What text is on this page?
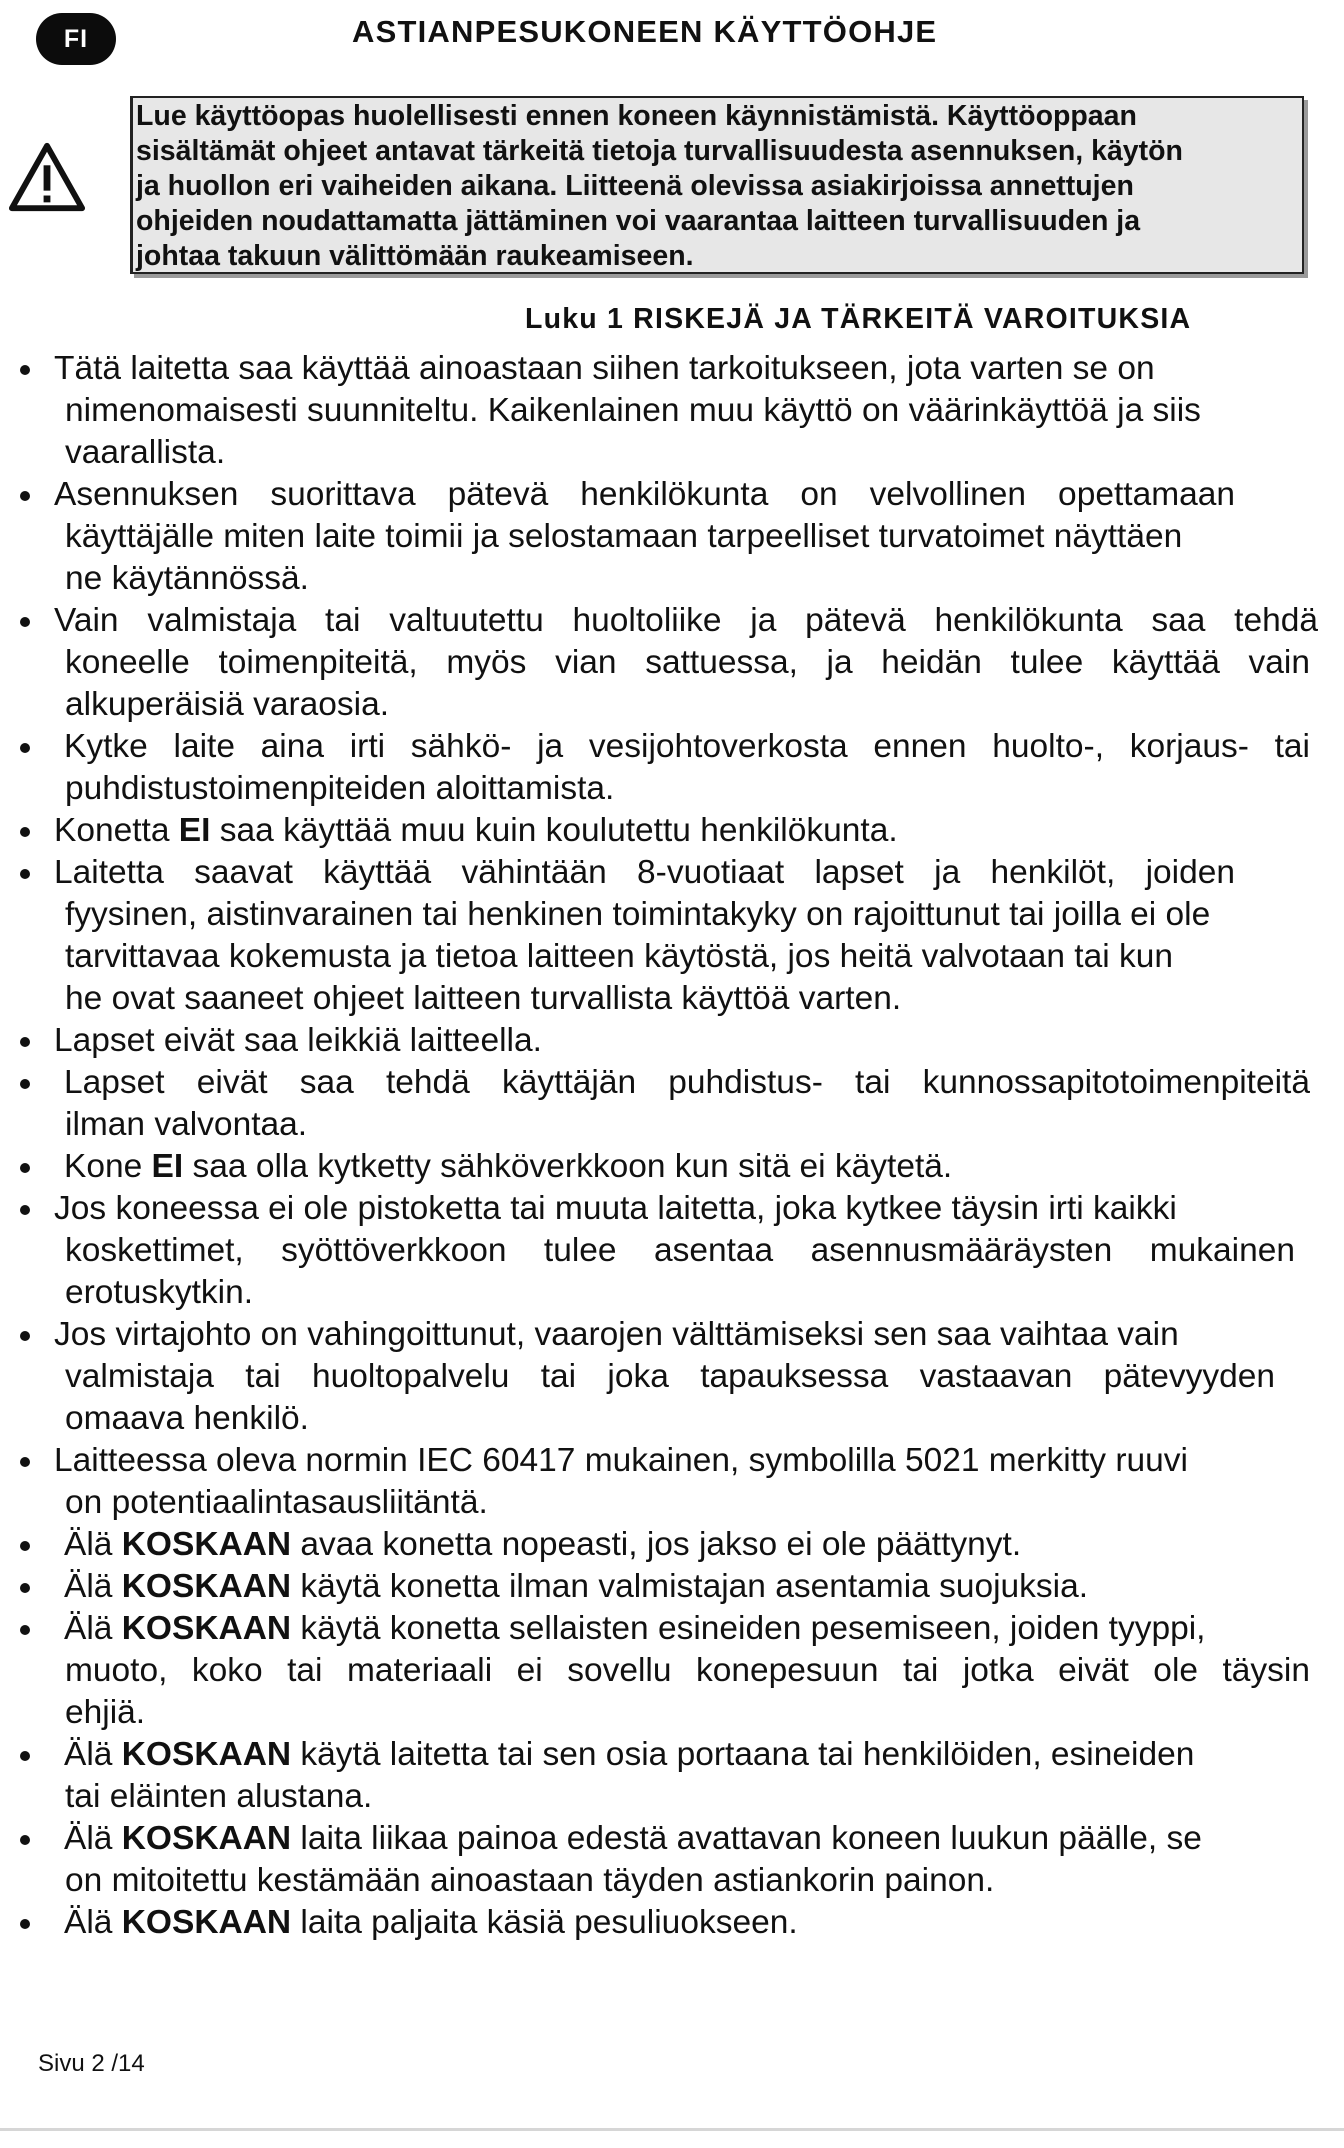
FI	ASTIANPESUKONEEN KÄYTTÖOHJE
Lue käyttöopas huolellisesti ennen koneen käynnistämistä. Käyttöoppaan
sisältämät ohjeet antavat tärkeitä tietoja turvallisuudesta asennuksen, käytön
ja huollon eri vaiheiden aikana. Liitteenä olevissa asiakirjoissa annettujen
ohjeiden noudattamatta jättäminen voi vaarantaa laitteen turvallisuuden ja
johtaa takuun välittömään raukeamiseen.
Luku 1 RISKEJÄ JA TÄRKEITÄ VAROITUKSIA
Tätä laitetta saa käyttää ainoastaan siihen tarkoitukseen, jota varten se on
nimenomaisesti suunniteltu. Kaikenlainen muu käyttö on väärinkäyttöä ja siis
vaarallista.
Asennuksen suorittava pätevä henkilökunta on velvollinen opettamaan
käyttäjälle miten laite toimii ja selostamaan tarpeelliset turvatoimet näyttäen
ne käytännössä.
Vain valmistaja tai valtuutettu huoltoliike ja pätevä henkilökunta saa tehdä
koneelle toimenpiteitä, myös vian sattuessa, ja heidän tulee käyttää vain
alkuperäisiä varaosia.
Kytke laite aina irti sähkö- ja vesijohtoverkosta ennen huolto-, korjaus- tai
puhdistustoimenpiteiden aloittamista.
Konetta EI saa käyttää muu kuin koulutettu henkilökunta.
Laitetta saavat käyttää vähintään 8-vuotiaat lapset ja henkilöt, joiden
fyysinen, aistinvarainen tai henkinen toimintakyky on rajoittunut tai joilla ei ole
tarvittavaa kokemusta ja tietoa laitteen käytöstä, jos heitä valvotaan tai kun
he ovat saaneet ohjeet laitteen turvallista käyttöä varten.
Lapset eivät saa leikkiä laitteella.
Lapset eivät saa tehdä käyttäjän puhdistus- tai kunnossapitotoimenpiteitä
ilman valvontaa.
Kone EI saa olla kytketty sähköverkkoon kun sitä ei käytetä.
Jos koneessa ei ole pistoketta tai muuta laitetta, joka kytkee täysin irti kaikki
koskettimet, syöttöverkkoon tulee asentaa asennusmääräysten mukainen
erotuskytkin.
Jos virtajohto on vahingoittunut, vaarojen välttämiseksi sen saa vaihtaa vain
valmistaja tai huoltopalvelu tai joka tapauksessa vastaavan pätevyyden
omaava henkilö.
Laitteessa oleva normin IEC 60417 mukainen, symbolilla 5021 merkitty ruuvi
on potentiaalintasausliitäntä.
Älä KOSKAAN avaa konetta nopeasti, jos jakso ei ole päättynyt.
Älä KOSKAAN käytä konetta ilman valmistajan asentamia suojuksia.
Älä KOSKAAN käytä konetta sellaisten esineiden pesemiseen, joiden tyyppi,
muoto, koko tai materiaali ei sovellu konepesuun tai jotka eivät ole täysin
ehjiä.
Älä KOSKAAN käytä laitetta tai sen osia portaana tai henkilöiden, esineiden
tai eläinten alustana.
Älä KOSKAAN laita liikaa painoa edestä avattavan koneen luukun päälle, se
on mitoitettu kestämään ainoastaan täyden astiankorin painon.
Älä KOSKAAN laita paljaita käsiä pesuliuokseen.
Sivu 2 /14
